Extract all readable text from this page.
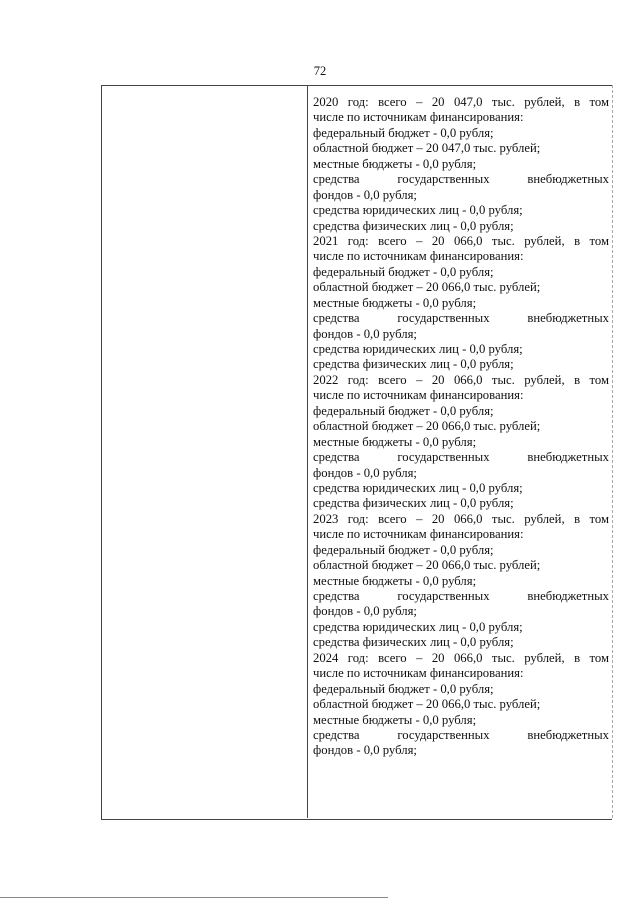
72
2020 год: всего – 20 047,0 тыс. рублей, в том
числе по источникам финансирования:
федеральный бюджет - 0,0 рубля;
областной бюджет – 20 047,0 тыс. рублей;
местные бюджеты - 0,0 рубля;
средства государственных внебюджетных
фондов - 0,0 рубля;
средства юридических лиц - 0,0 рубля;
средства физических лиц - 0,0 рубля;
2021 год: всего – 20 066,0 тыс. рублей, в том
числе по источникам финансирования:
федеральный бюджет - 0,0 рубля;
областной бюджет – 20 066,0 тыс. рублей;
местные бюджеты - 0,0 рубля;
средства государственных внебюджетных
фондов - 0,0 рубля;
средства юридических лиц - 0,0 рубля;
средства физических лиц - 0,0 рубля;
2022 год: всего – 20 066,0 тыс. рублей, в том
числе по источникам финансирования:
федеральный бюджет - 0,0 рубля;
областной бюджет – 20 066,0 тыс. рублей;
местные бюджеты - 0,0 рубля;
средства государственных внебюджетных
фондов - 0,0 рубля;
средства юридических лиц - 0,0 рубля;
средства физических лиц - 0,0 рубля;
2023 год: всего – 20 066,0 тыс. рублей, в том
числе по источникам финансирования:
федеральный бюджет - 0,0 рубля;
областной бюджет – 20 066,0 тыс. рублей;
местные бюджеты - 0,0 рубля;
средства государственных внебюджетных
фондов - 0,0 рубля;
средства юридических лиц - 0,0 рубля;
средства физических лиц - 0,0 рубля;
2024 год: всего – 20 066,0 тыс. рублей, в том
числе по источникам финансирования:
федеральный бюджет - 0,0 рубля;
областной бюджет – 20 066,0 тыс. рублей;
местные бюджеты - 0,0 рубля;
средства государственных внебюджетных
фондов - 0,0 рубля;
